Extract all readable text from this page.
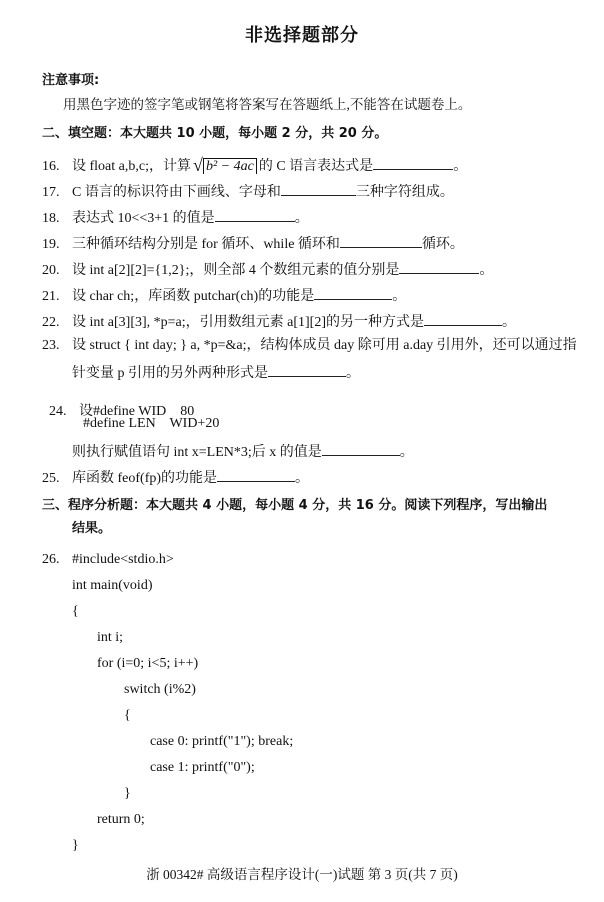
非选择题部分
注意事项:
用黑色字迹的签字笔或钢笔将答案写在答题纸上,不能答在试题卷上。
二、填空题：本大题共 10 小题，每小题 2 分，共 20 分。
16. 设 float a,b,c;，计算 √ b² − 4ac 的 C 语言表达式是	。
17. C 语言的标识符由下画线、字母和	三种字符组成。
18. 表达式 10<<3+1 的值是	。
19. 三种循环结构分别是 for 循环、while 循环和	循环。
20. 设 int a[2][2]={1,2};，则全部 4 个数组元素的值分别是	。
21. 设 char ch;，库函数 putchar(ch)的功能是	。
22. 设 int a[3][3], *p=a;，引用数组元素 a[1][2]的另一种方式是	。
23. 设 struct { int day; } a, *p=&a;，结构体成员 day 除可用 a.day 引用外，还可以通过指
针变量 p 引用的另外两种形式是	。

24. 设#define WID    80

#define LEN    WID+20
则执行赋值语句 int x=LEN*3;后 x 的值是	。
25. 库函数 feof(fp)的功能是	。
三、程序分析题：本大题共 4 小题，每小题 4 分，共 16 分。阅读下列程序，写出输出
结果。
26. #include<stdio.h>
int main(void)
{
int i;
for (i=0; i<5; i++)
switch (i%2)
{
case 0: printf("1"); break;
case 1: printf("0");
}
return 0;
}
浙 00342# 高级语言程序设计(一)试题 第 3 页(共 7 页)
